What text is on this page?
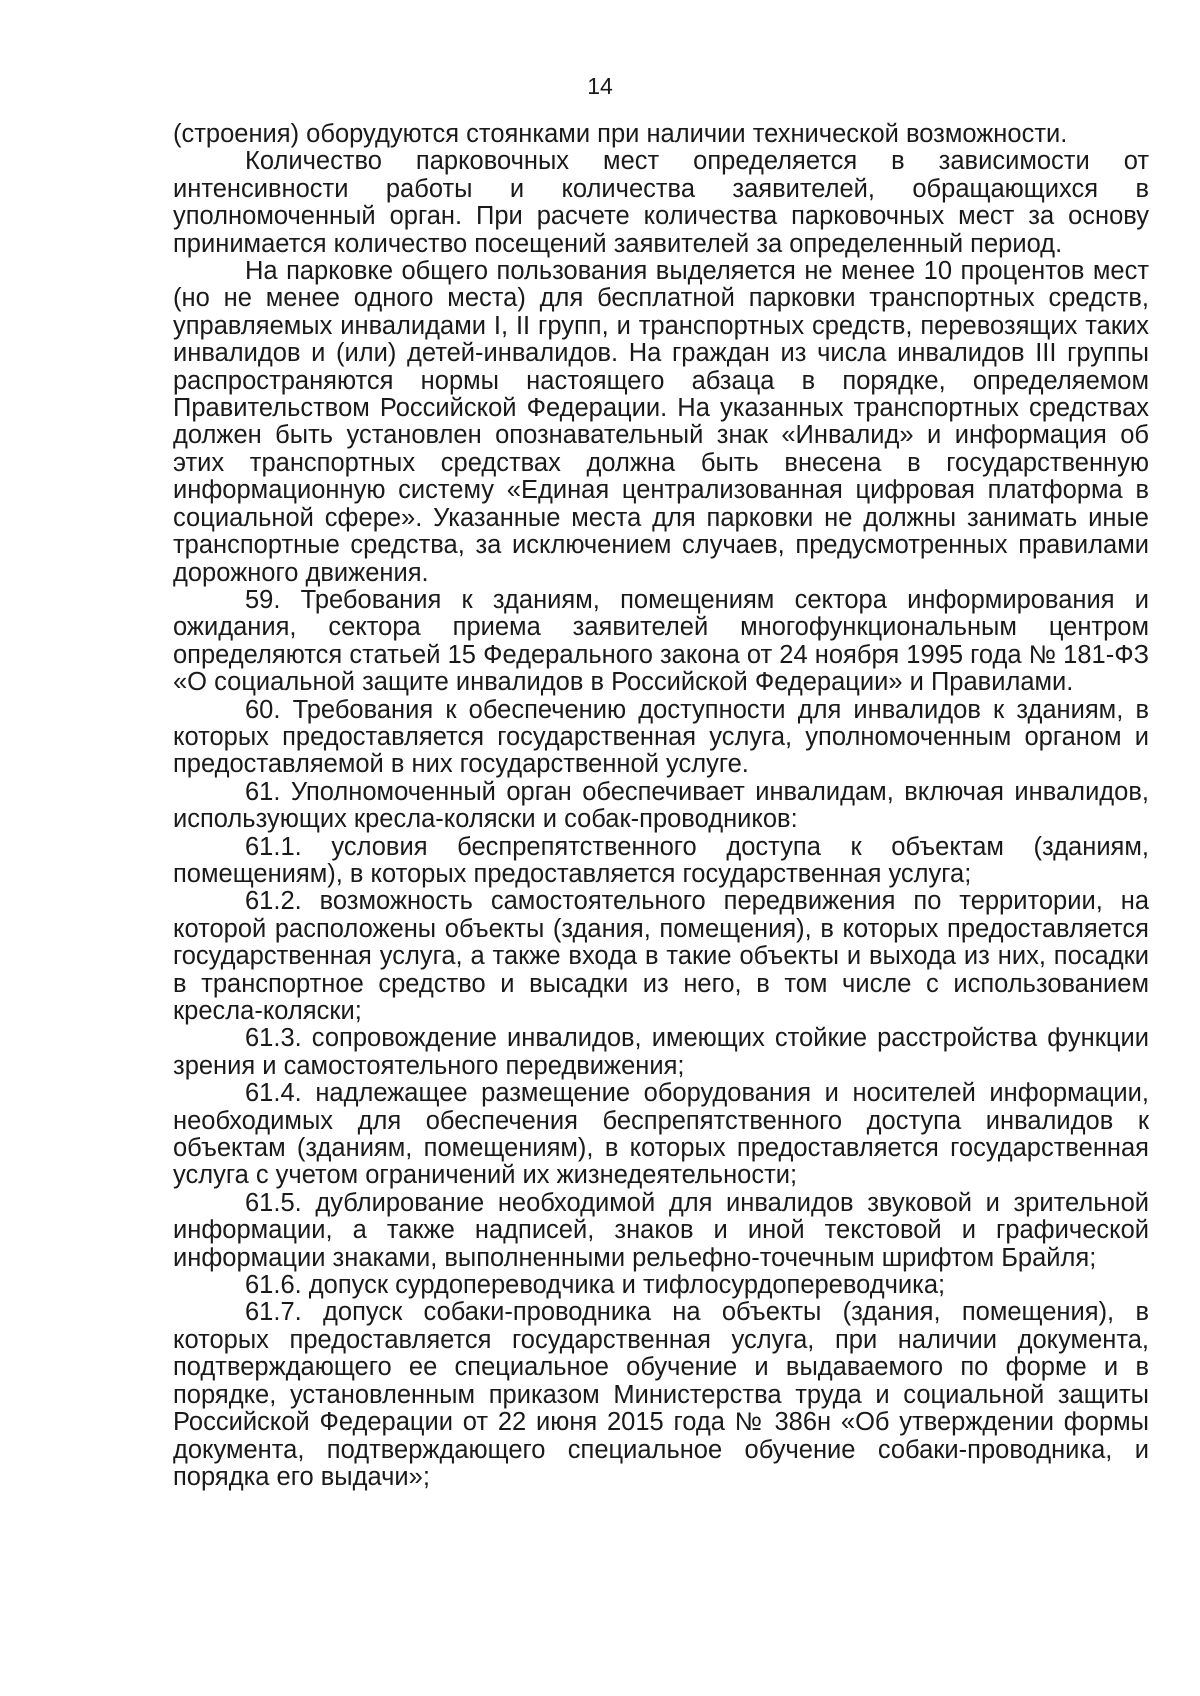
14

(строения) оборудуются стоянками при наличии технической возможности.

Количество парковочных мест определяется в зависимости от интенсивности работы и количества заявителей, обращающихся в уполномоченный орган. При расчете количества парковочных мест за основу принимается количество посещений заявителей за определенный период.

На парковке общего пользования выделяется не менее 10 процентов мест (но не менее одного места) для бесплатной парковки транспортных средств, управляемых инвалидами I, II групп, и транспортных средств, перевозящих таких инвалидов и (или) детей-инвалидов. На граждан из числа инвалидов III группы распространяются нормы настоящего абзаца в порядке, определяемом Правительством Российской Федерации. На указанных транспортных средствах должен быть установлен опознавательный знак «Инвалид» и информация об этих транспортных средствах должна быть внесена в государственную информационную систему «Единая централизованная цифровая платформа в социальной сфере». Указанные места для парковки не должны занимать иные транспортные средства, за исключением случаев, предусмотренных правилами дорожного движения.

59. Требования к зданиям, помещениям сектора информирования и ожидания, сектора приема заявителей многофункциональным центром определяются статьей 15 Федерального закона от 24 ноября 1995 года № 181-ФЗ «О социальной защите инвалидов в Российской Федерации» и Правилами.

60. Требования к обеспечению доступности для инвалидов к зданиям, в которых предоставляется государственная услуга, уполномоченным органом и предоставляемой в них государственной услуге.

61. Уполномоченный орган обеспечивает инвалидам, включая инвалидов, использующих кресла-коляски и собак-проводников:

61.1. условия беспрепятственного доступа к объектам (зданиям, помещениям), в которых предоставляется государственная услуга;

61.2. возможность самостоятельного передвижения по территории, на которой расположены объекты (здания, помещения), в которых предоставляется государственная услуга, а также входа в такие объекты и выхода из них, посадки в транспортное средство и высадки из него, в том числе с использованием кресла-коляски;

61.3. сопровождение инвалидов, имеющих стойкие расстройства функции зрения и самостоятельного передвижения;

61.4. надлежащее размещение оборудования и носителей информации, необходимых для обеспечения беспрепятственного доступа инвалидов к объектам (зданиям, помещениям), в которых предоставляется государственная услуга с учетом ограничений их жизнедеятельности;

61.5. дублирование необходимой для инвалидов звуковой и зрительной информации, а также надписей, знаков и иной текстовой и графической информации знаками, выполненными рельефно-точечным шрифтом Брайля;

61.6. допуск сурдопереводчика и тифлосурдопереводчика;

61.7. допуск собаки-проводника на объекты (здания, помещения), в которых предоставляется государственная услуга, при наличии документа, подтверждающего ее специальное обучение и выдаваемого по форме и в порядке, установленным приказом Министерства труда и социальной защиты Российской Федерации от 22 июня 2015 года № 386н «Об утверждении формы документа, подтверждающего специальное обучение собаки-проводника, и порядка его выдачи»;
